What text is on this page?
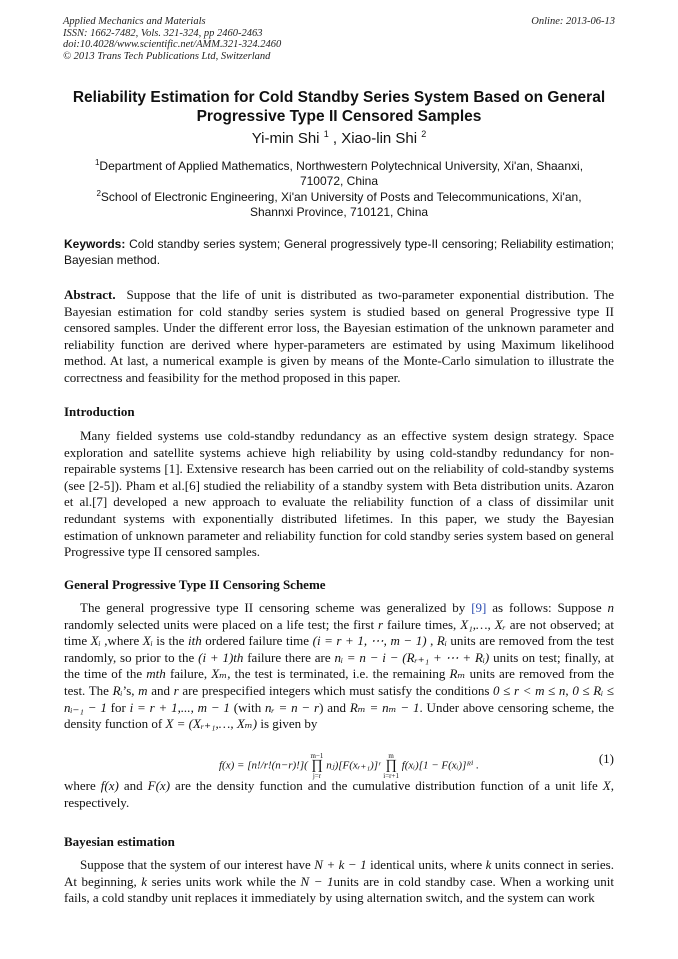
Applied Mechanics and Materials
ISSN: 1662-7482, Vols. 321-324, pp 2460-2463
doi:10.4028/www.scientific.net/AMM.321-324.2460
© 2013 Trans Tech Publications Ltd, Switzerland
Online: 2013-06-13
Reliability Estimation for Cold Standby Series System Based on General Progressive Type II Censored Samples
Yi-min Shi $^1$ , Xiao-lin Shi $^2$
$^1$Department of Applied Mathematics, Northwestern Polytechnical University, Xi'an, Shaanxi, 710072, China
$^2$School of Electronic Engineering, Xi'an University of Posts and Telecommunications, Xi'an, Shannxi Province, 710121, China
Keywords: Cold standby series system; General progressively type-II censoring; Reliability estimation; Bayesian method.

Abstract. Suppose that the life of unit is distributed as two-parameter exponential distribution. The Bayesian estimation for cold standby series system is studied based on general Progressive type II censored samples. Under the different error loss, the Bayesian estimation of the unknown parameter and reliability function are derived where hyper-parameters are estimated by using Maximum likelihood method. At last, a numerical example is given by means of the Monte-Carlo simulation to illustrate the correctness and feasibility for the method proposed in this paper.

Introduction

Many fielded systems use cold-standby redundancy as an effective system design strategy. Space exploration and satellite systems achieve high reliability by using cold-standby redundancy for non-repairable systems [1]. Extensive research has been carried out on the reliability of cold-standby systems (see [2-5]). Pham et al.[6] studied the reliability of a standby system with Beta distribution units. Azaron et al.[7] developed a new approach to evaluate the reliability function of a class of dissimilar unit redundant systems with exponentially distributed lifetimes. In this paper, we study the Bayesian estimation of unknown parameter and reliability function for cold standby series system based on general Progressive type II censored samples.

General Progressive Type II Censoring Scheme

The general progressive type II censoring scheme was generalized by [9] as follows: Suppose n randomly selected units were placed on a life test; the first r failure times, X₁,…, Xᵣ are not observed; at time Xᵢ ,where Xᵢ is the ith ordered failure time (i = r + 1, ⋯, m − 1) , Rᵢ units are removed from the test randomly, so prior to the (i + 1)th failure there are nᵢ = n − i − (Rᵣ₊₁ + ⋯ + Rᵢ) units on test; finally, at the time of the mth failure, Xₘ, the test is terminated, i.e. the remaining Rₘ units are removed from the test. The Rᵢ’s, m and r are prespecified integers which must satisfy the conditions 0 ≤ r < m ≤ n, 0 ≤ Rᵢ ≤ nᵢ₋₁ − 1 for i = r + 1,..., m − 1 (with nᵣ = n − r) and Rₘ = nₘ − 1. Under above censoring scheme, the density function of X = (Xᵣ₊₁,…, Xₘ) is given by

f(x) = [n!/r!(n−r)!](
m−1
∏
j=r
nⱼ)[F(xᵣ₊₁)]ʳ
m
∏
i=r+1
f(xᵢ)[1 − F(xᵢ)]ᴿⁱ .	(1)

where f(x) and F(x) are the density function and the cumulative distribution function of a unit life X, respectively.

Bayesian estimation

Suppose that the system of our interest have N + k − 1 identical units, where k units connect in series. At beginning, k series units work while the N − 1units are in cold standby case. When a working unit fails, a cold standby unit replaces it immediately by using alternation switch, and the system can work
